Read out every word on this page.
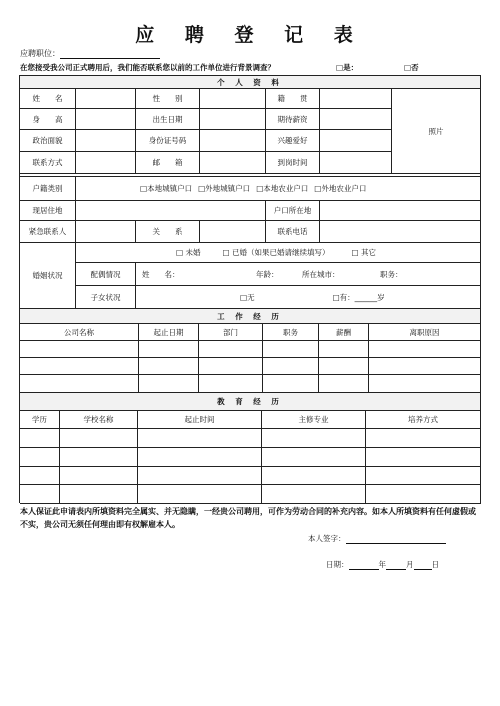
应 聘 登 记 表
应聘职位：
在您接受我公司正式聘用后，我们能否联系您以前的工作单位进行背景调查？	□是：	□否
个 人 资 料
姓　　名	性　　别	籍　　贯
身　　高	出生日期	期待薪资
照片
政治面貌	身份证号码	兴趣爱好
联系方式	邮　　箱	到岗时间
户籍类别	□本地城镇户口 □外地城镇户口 □本地农业户口 □外地农业户口
现居住地	户口所在地
紧急联系人	关　　系	联系电话
婚姻状况
□ 未婚	□ 已婚（如果已婚请继续填写）	□ 其它
配偶情况	姓　　名：	年龄：	所在城市：	职务：
子女状况	□无	□有：______岁
工 作 经 历
公司名称	起止日期	部门	职务	薪酬	离职原因
教 育 经 历
学历	学校名称	起止时间	主修专业	培养方式
本人保证此申请表内所填资料完全属实、并无隐瞒，一经贵公司聘用，可作为劳动合同的补充内容。如本人所填资料有任何虚假或不实，贵公司无须任何理由即有权解雇本人。
本人签字：
日期：	年	月 日
